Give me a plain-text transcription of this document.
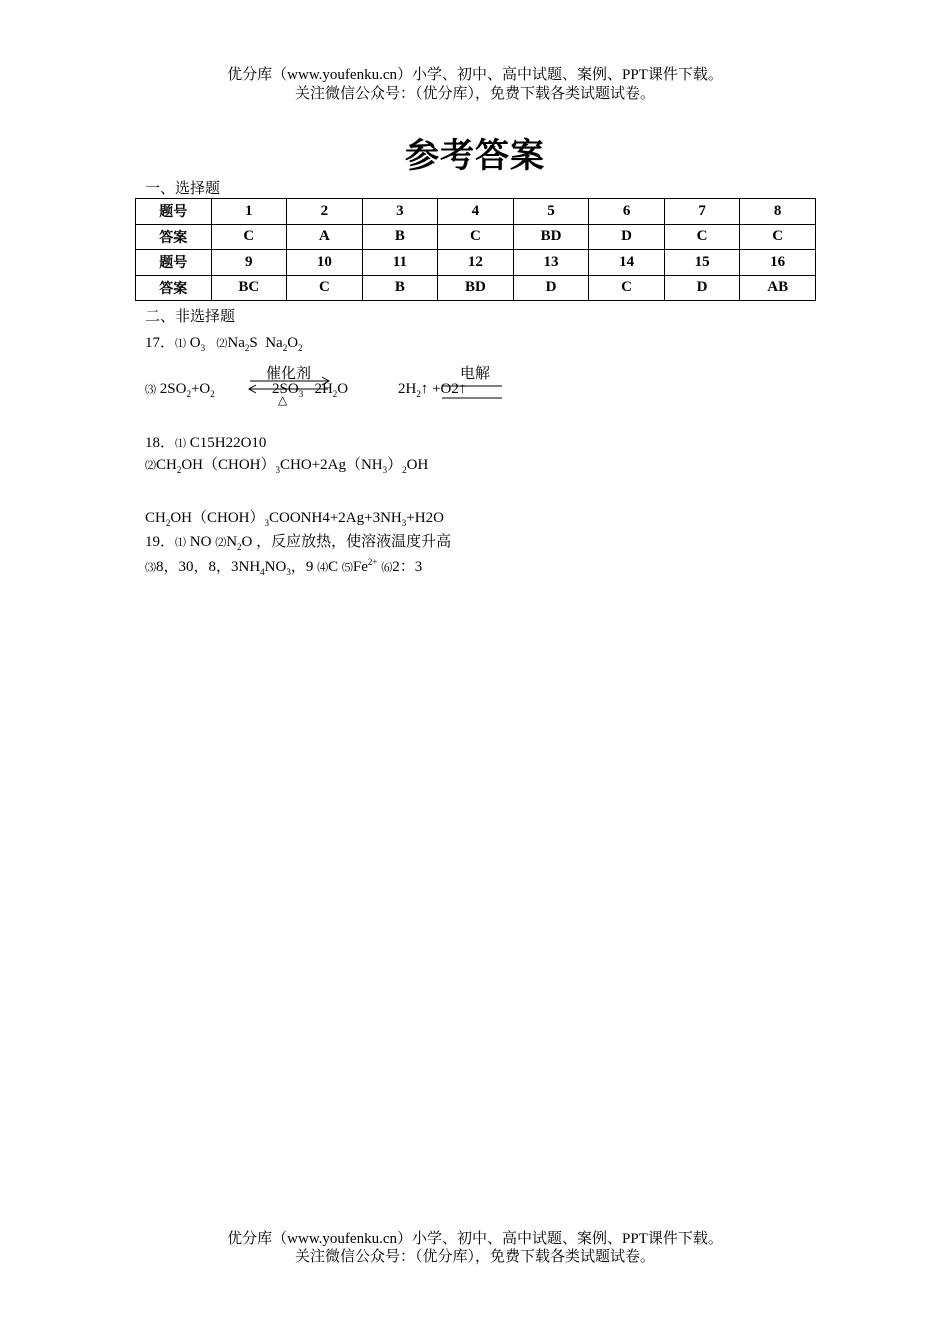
优分库（www.youfenku.cn）小学、初中、高中试题、案例、PPT课件下载。
关注微信公众号：（优分库），免费下载各类试题试卷。
参考答案
一、选择题
题号	1	2	3	4	5	6	7	8
答案	C	A	B	C	BD	D	C	C
题号	9	10	11	12	13	14	15	16
答案	BC	C	B	BD	D	C	D	AB
二、非选择题
17．⑴ $O_3$ $⑵Na_2S$  $Na_2O_2$
催化剂	电解
⑶ $2SO_2+O_2$	$2SO_3$   $2H_2O$
△
$2H_2↑$ +O2↑
18．⑴ C15H22O10
$⑵CH_2OH(CHOH)_3CHO+2Ag(NH_3)_2OH$
$CH_2OH(CHOH)_3COONH4+2Ag+3NH_3+H2O$
19．⑴ NO $⑵N_2O$ ，反应放热，使溶液温度升高
⑶8，30，8，$3NH_4NO_3$，9 ⑷C $⑸Fe^{2+}$ ⑹2：3
优分库（www.youfenku.cn）小学、初中、高中试题、案例、PPT课件下载。
关注微信公众号：（优分库），免费下载各类试题试卷。
